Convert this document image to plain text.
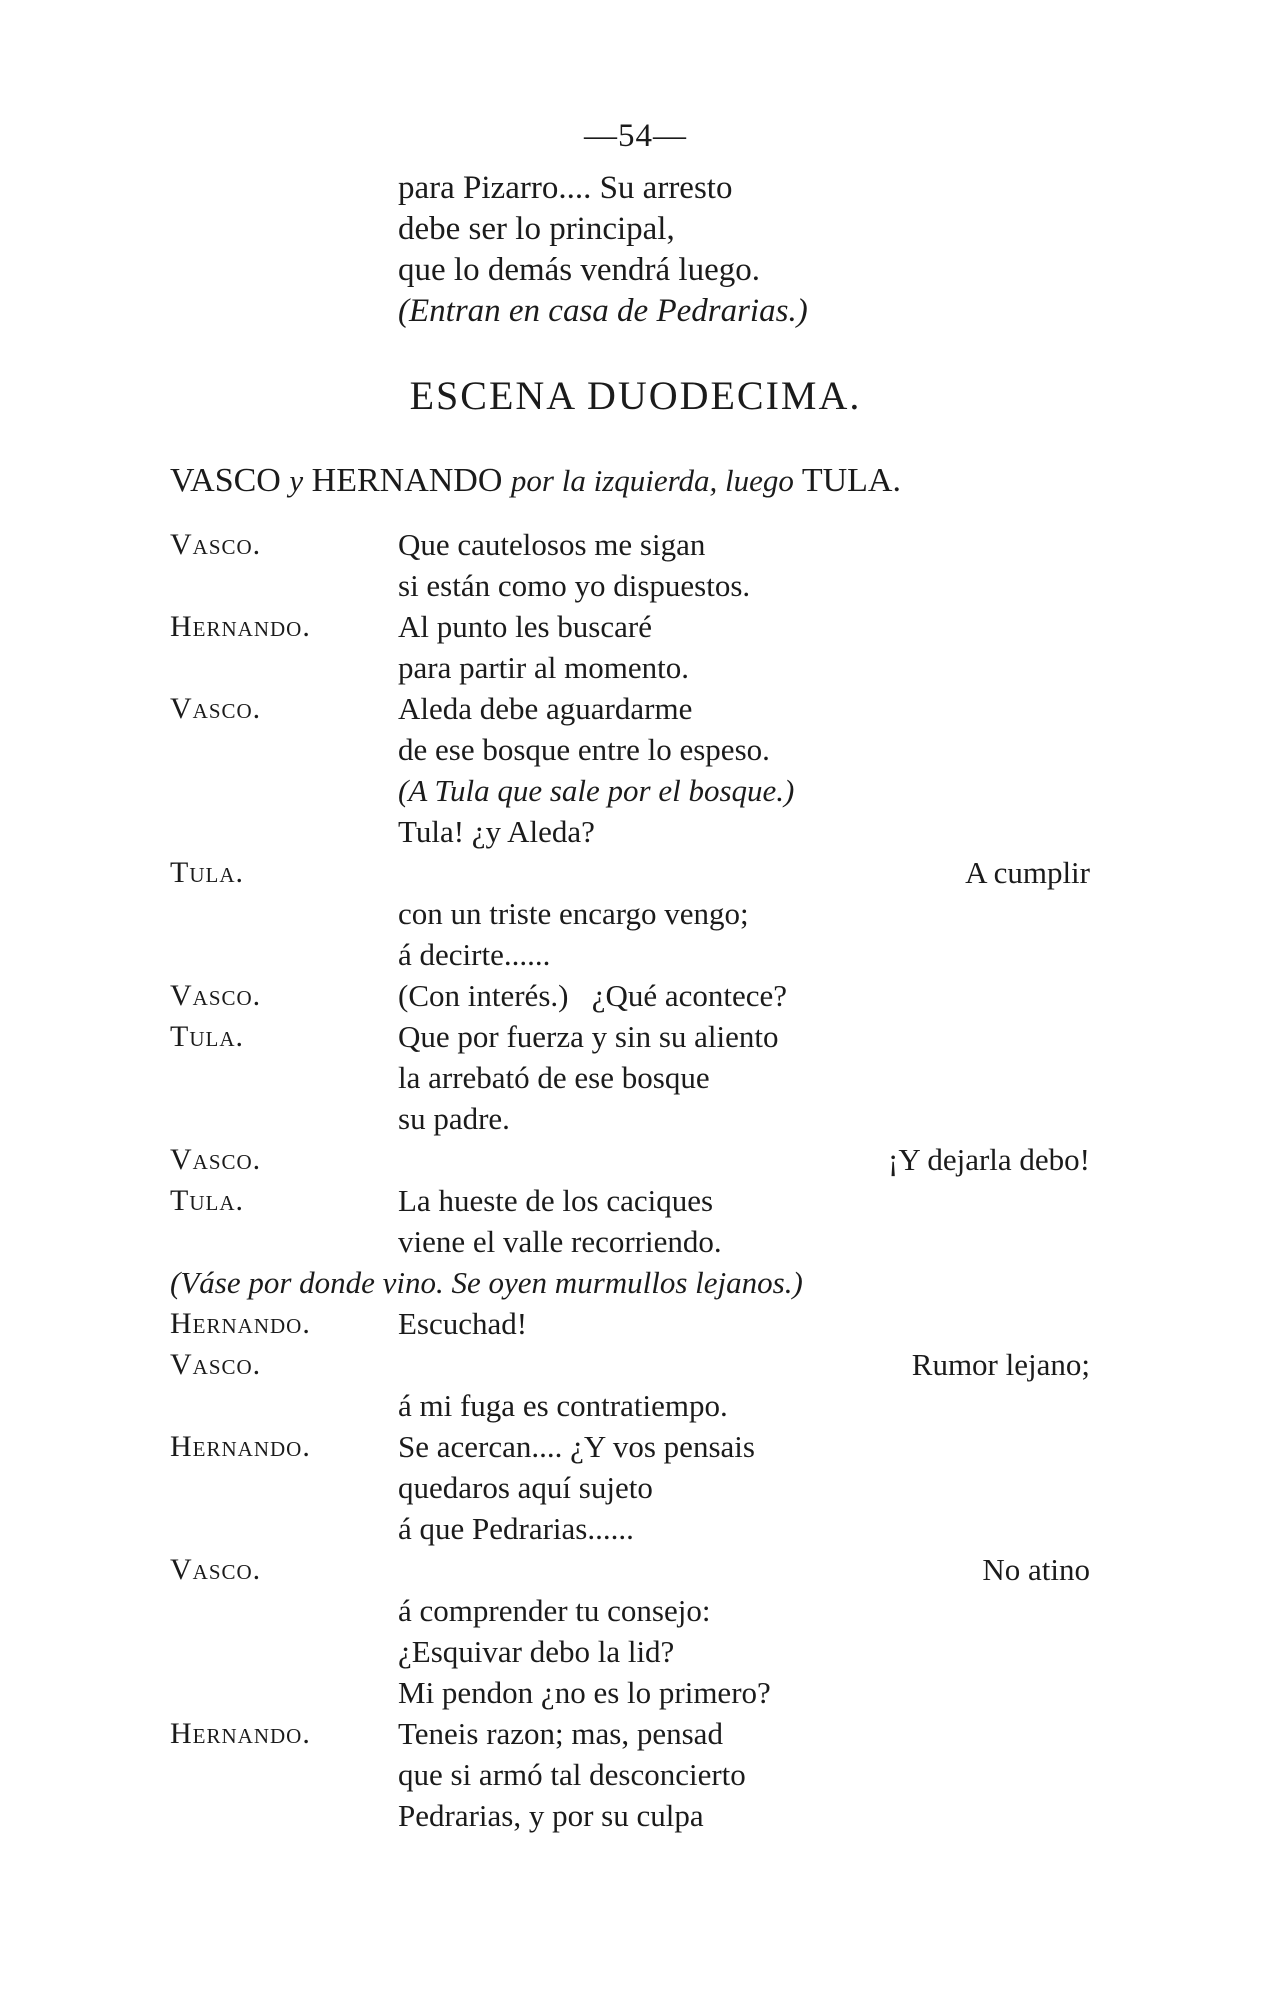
—54—
para Pizarro.... Su arresto
debe ser lo principal,
que lo demás vendrá luego.
(Entran en casa de Pedrarias.)
ESCENA DUODECIMA.
VASCO y HERNANDO por la izquierda, luego TULA.
Vasco.	Que cautelosos me sigan
si están como yo dispuestos.
Hernando.	Al punto les buscaré
para partir al momento.
Vasco.	Aleda debe aguardarme
de ese bosque entre lo espeso.
(A Tula que sale por el bosque.)
Tula! ¿y Aleda?
Tula.	A cumplir
con un triste encargo vengo;
á decirte......
Vasco.	(Con interés.)   ¿Qué acontece?
Tula.	Que por fuerza y sin su aliento
la arrebató de ese bosque
su padre.
Vasco.	¡Y dejarla debo!
Tula.	La hueste de los caciques
viene el valle recorriendo.
(Váse por donde vino. Se oyen murmullos lejanos.)
Hernando.	Escuchad!
Vasco.	Rumor lejano;
á mi fuga es contratiempo.
Hernando.	Se acercan.... ¿Y vos pensais
quedaros aquí sujeto
á que Pedrarias......
Vasco.	No atino
á comprender tu consejo:
¿Esquivar debo la lid?
Mi pendon ¿no es lo primero?
Hernando.	Teneis razon; mas, pensad
que si armó tal desconcierto
Pedrarias, y por su culpa
